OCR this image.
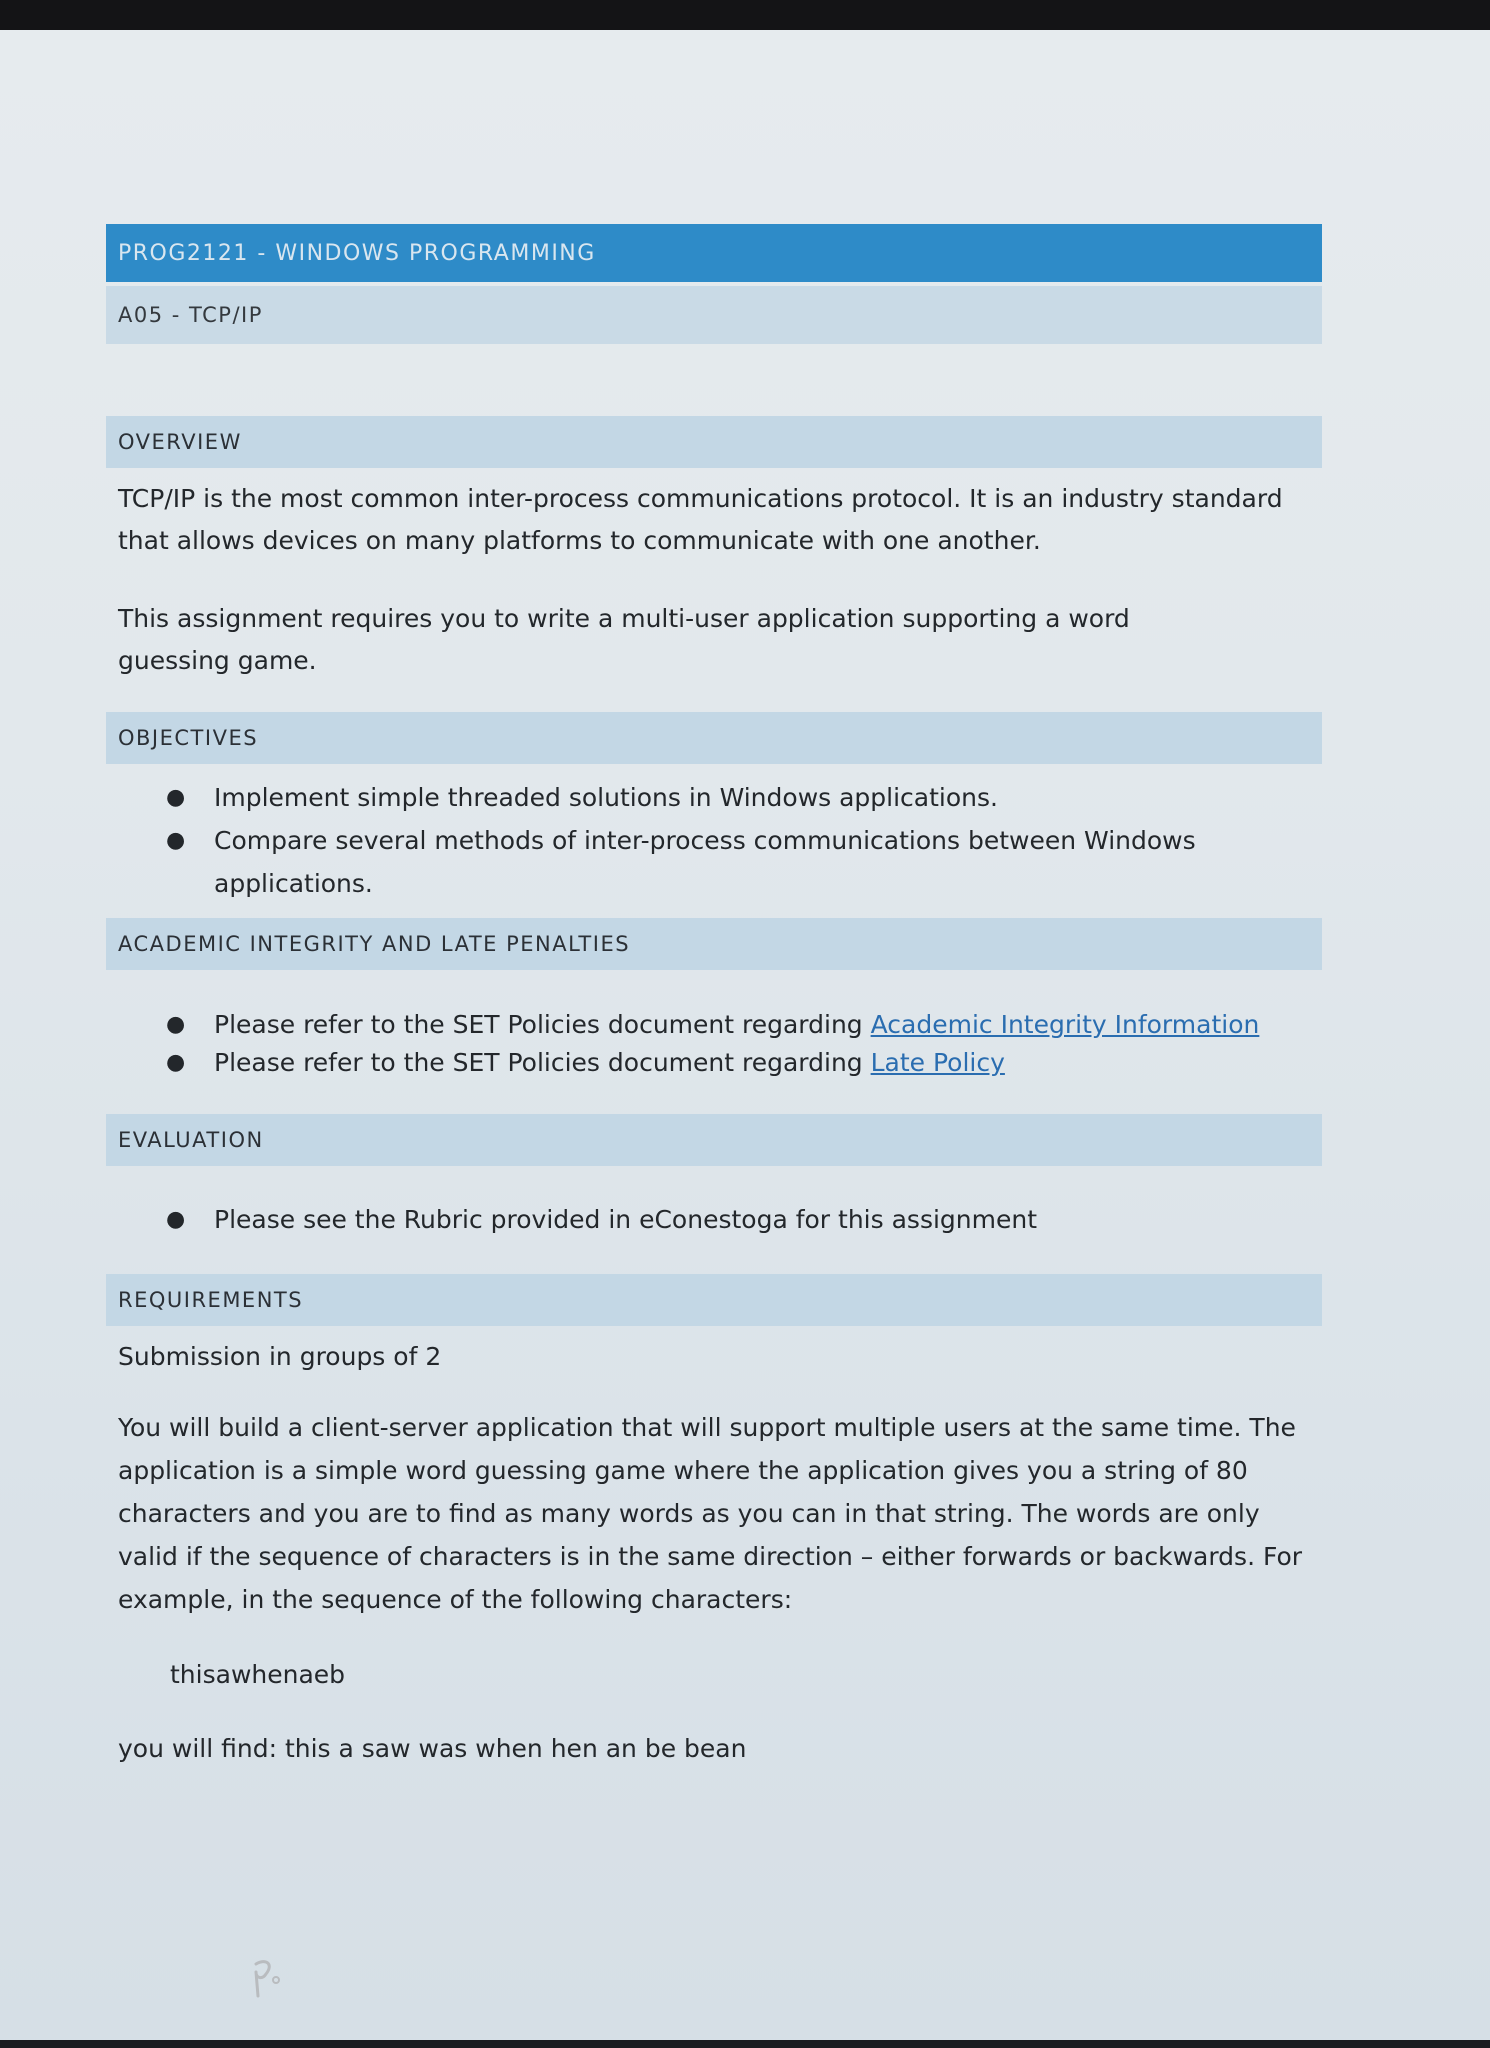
PROG2121 - WINDOWS PROGRAMMING
A05 - TCP/IP
OVERVIEW
TCP/IP is the most common inter-process communications protocol. It is an industry standard that allows devices on many platforms to communicate with one another.
This assignment requires you to write a multi-user application supporting a word guessing game.
OBJECTIVES
● Implement simple threaded solutions in Windows applications.
● Compare several methods of inter-process communications between Windows applications.
ACADEMIC INTEGRITY AND LATE PENALTIES
● Please refer to the SET Policies document regarding Academic Integrity Information
● Please refer to the SET Policies document regarding Late Policy
EVALUATION
● Please see the Rubric provided in eConestoga for this assignment
REQUIREMENTS
Submission in groups of 2
You will build a client-server application that will support multiple users at the same time. The application is a simple word guessing game where the application gives you a string of 80 characters and you are to find as many words as you can in that string. The words are only valid if the sequence of characters is in the same direction – either forwards or backwards. For example, in the sequence of the following characters:
thisawhenaeb
you will find: this a saw was when hen an be bean
